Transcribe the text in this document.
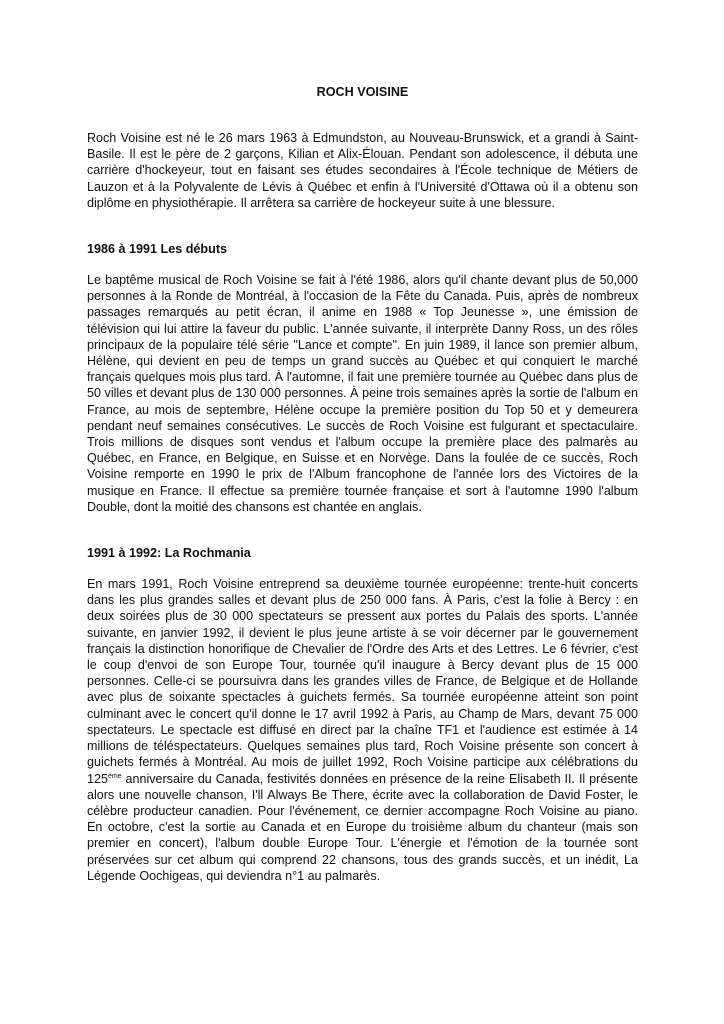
ROCH VOISINE

Roch Voisine est né le 26 mars 1963 à Edmundston, au Nouveau-Brunswick, et a grandi à Saint-Basile. Il est le père de 2 garçons, Kilian et Alix-Élouan. Pendant son adolescence, il débuta une carrière d'hockeyeur, tout en faisant ses études secondaires à l'École technique de Métiers de Lauzon et à la Polyvalente de Lévis à Québec et enfin à l'Université d'Ottawa où il a obtenu son diplôme en physiothérapie. Il arrêtera sa carrière de hockeyeur suite à une blessure.

1986 à 1991 Les débuts

Le baptême musical de Roch Voisine se fait à l'été 1986, alors qu'il chante devant plus de 50,000 personnes à la Ronde de Montréal, à l'occasion de la Fête du Canada. Puis, après de nombreux passages remarqués au petit écran, il anime en 1988 « Top Jeunesse », une émission de télévision qui lui attire la faveur du public. L'année suivante, il interprète Danny Ross, un des rôles principaux de la populaire télé série "Lance et compte". En juin 1989, il lance son premier album, Hélène, qui devient en peu de temps un grand succès au Québec et qui conquiert le marché français quelques mois plus tard. À l'automne, il fait une première tournée au Québec dans plus de 50 villes et devant plus de 130 000 personnes. À peine trois semaines après la sortie de l'album en France, au mois de septembre, Hélène occupe la première position du Top 50 et y demeurera pendant neuf semaines consécutives. Le succès de Roch Voisine est fulgurant et spectaculaire. Trois millions de disques sont vendus et l'album occupe la première place des palmarès au Québec, en France, en Belgique, en Suisse et en Norvège. Dans la foulée de ce succès, Roch Voisine remporte en 1990 le prix de l'Album francophone de l'année lors des Victoires de la musique en France. Il effectue sa première tournée française et sort à l'automne 1990 l'album Double, dont la moitié des chansons est chantée en anglais.

1991 à 1992: La Rochmania

En mars 1991, Roch Voisine entreprend sa deuxième tournée européenne: trente-huit concerts dans les plus grandes salles et devant plus de 250 000 fans. À Paris, c'est la folie à Bercy : en deux soirées plus de 30 000 spectateurs se pressent aux portes du Palais des sports. L'année suivante, en janvier 1992, il devient le plus jeune artiste à se voir décerner par le gouvernement français la distinction honorifique de Chevalier de l'Ordre des Arts et des Lettres. Le 6 février, c'est le coup d'envoi de son Europe Tour, tournée qu'il inaugure à Bercy devant plus de 15 000 personnes. Celle-ci se poursuivra dans les grandes villes de France, de Belgique et de Hollande avec plus de soixante spectacles à guichets fermés. Sa tournée européenne atteint son point culminant avec le concert qu'il donne le 17 avril 1992 à Paris, au Champ de Mars, devant 75 000 spectateurs. Le spectacle est diffusé en direct par la chaîne TF1 et l'audience est estimée à 14 millions de téléspectateurs. Quelques semaines plus tard, Roch Voisine présente son concert à guichets fermés à Montréal. Au mois de juillet 1992, Roch Voisine participe aux célébrations du 125ème anniversaire du Canada, festivités données en présence de la reine Elisabeth II. Il présente alors une nouvelle chanson, I'll Always Be There, écrite avec la collaboration de David Foster, le célèbre producteur canadien. Pour l'événement, ce dernier accompagne Roch Voisine au piano. En octobre, c'est la sortie au Canada et en Europe du troisième album du chanteur (mais son premier en concert), l'album double Europe Tour. L'énergie et l'émotion de la tournée sont préservées sur cet album qui comprend 22 chansons, tous des grands succès, et un inédit, La Légende Oochigeas, qui deviendra n°1 au palmarès.
